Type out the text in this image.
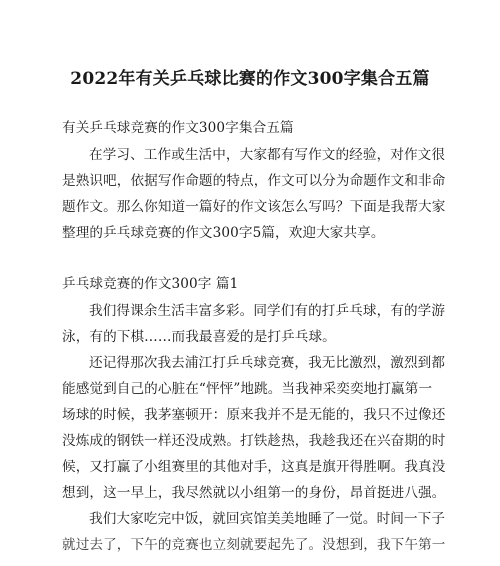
2022年有关乒乓球比赛的作文300字集合五篇
有关乒乓球竞赛的作文300字集合五篇
在学习、工作或生活中，大家都有写作文的经验，对作文很
是熟识吧，依据写作命题的特点，作文可以分为命题作文和非命
题作文。那么你知道一篇好的作文该怎么写吗？下面是我帮大家
整理的乒乓球竞赛的作文300字5篇，欢迎大家共享。
乒乓球竞赛的作文300字 篇1
我们得课余生活丰富多彩。同学们有的打乒乓球，有的学游
泳，有的下棋……而我最喜爱的是打乒乓球。
还记得那次我去浦江打乒乓球竞赛，我无比激烈，激烈到都
能感觉到自己的心脏在“怦怦”地跳。当我神采奕奕地打赢第一
场球的时候，我茅塞顿开：原来我并不是无能的，我只不过像还
没炼成的钢铁一样还没成熟。打铁趁热，我趁我还在兴奋期的时
候，又打赢了小组赛里的其他对手，这真是旗开得胜啊。我真没
想到，这一早上，我尽然就以小组第一的身份，昂首挺进八强。
我们大家吃完中饭，就回宾馆美美地睡了一觉。时间一下子
就过去了，下午的竞赛也立刻就要起先了。没想到，我下午第一
